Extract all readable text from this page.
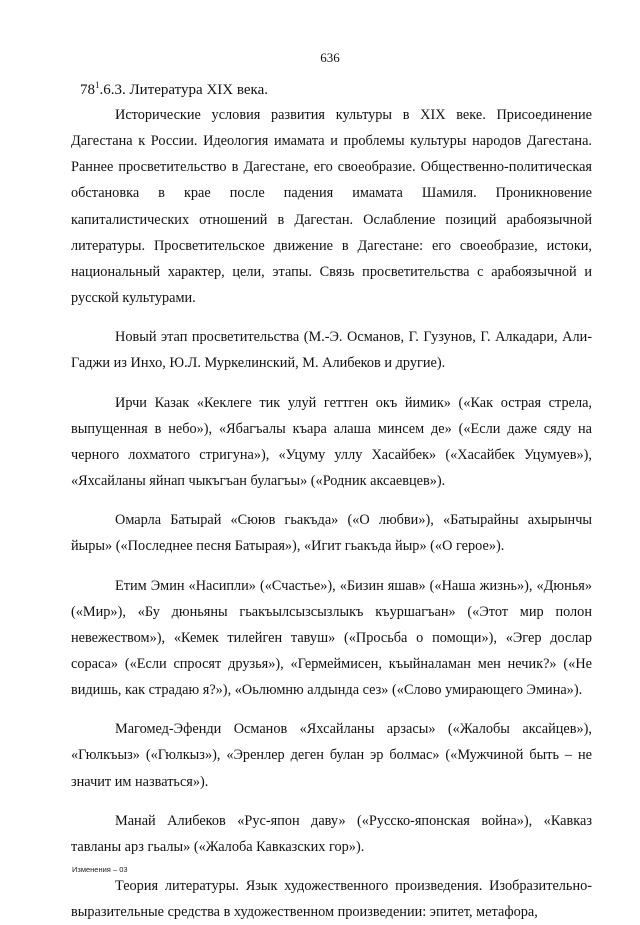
636
$78^1.6.3$. Литература XIX века.

Исторические условия развития культуры в XIX веке. Присоединение Дагестана к России. Идеология имамата и проблемы культуры народов Дагестана. Раннее просветительство в Дагестане, его своеобразие. Общественно-политическая обстановка в крае после падения имамата Шамиля. Проникновение капиталистических отношений в Дагестан. Ослабление позиций арабоязычной литературы. Просветительское движение в Дагестане: его своеобразие, истоки, национальный характер, цели, этапы. Связь просветительства с арабоязычной и русской культурами.

Новый этап просветительства (М.-Э. Османов, Г. Гузунов, Г. Алкадари, Али-Гаджи из Инхо, Ю.Л. Муркелинский, М. Алибеков и другие).

Ирчи Казак «Кеклеге тик улуй геттген окъ йимик» («Как острая стрела, выпущенная в небо»), «Ябагъалы къара алаша минсем де» («Если даже сяду на черного лохматого стригуна»), «Уцуму уллу Хасайбек» («Хасайбек Уцумуев»), «Яхсайланы яйнап чыкъгъан булагъы» («Родник аксаевцев»).

Омарла Батырай «Сююв гьакъда» («О любви»), «Батырайны ахырынчы йыры» («Последнее песня Батырая»), «Игит гьакъда йыр» («О герое»).

Етим Эмин «Насипли» («Счастье»), «Бизин яшав» («Наша жизнь»), «Дюнья» («Мир»), «Бу дюньяны гьакъылсызсызлыкъ къуршагъан» («Этот мир полон невежеством»), «Кемек тилейген тавуш» («Просьба о помощи»), «Эгер дослар сораса» («Если спросят друзья»), «Гермеймисен, къыйналаман мен нечик?» («Не видишь, как страдаю я?»), «Оьлюмню алдында сез» («Слово умирающего Эмина»).

Магомед-Эфенди Османов «Яхсайланы арзасы» («Жалобы аксайцев»), «Гюлкъыз» («Гюлкыз»), «Эренлер деген булан эр болмас» («Мужчиной быть – не значит им назваться»).

Манай Алибеков «Рус-япон даву» («Русско-японская война»), «Кавказ тавланы арз гьалы» («Жалоба Кавказских гор»).

Теория литературы. Язык художественного произведения. Изобразительно-выразительные средства в художественном произведении: эпитет, метафора,

Изменения – 03
